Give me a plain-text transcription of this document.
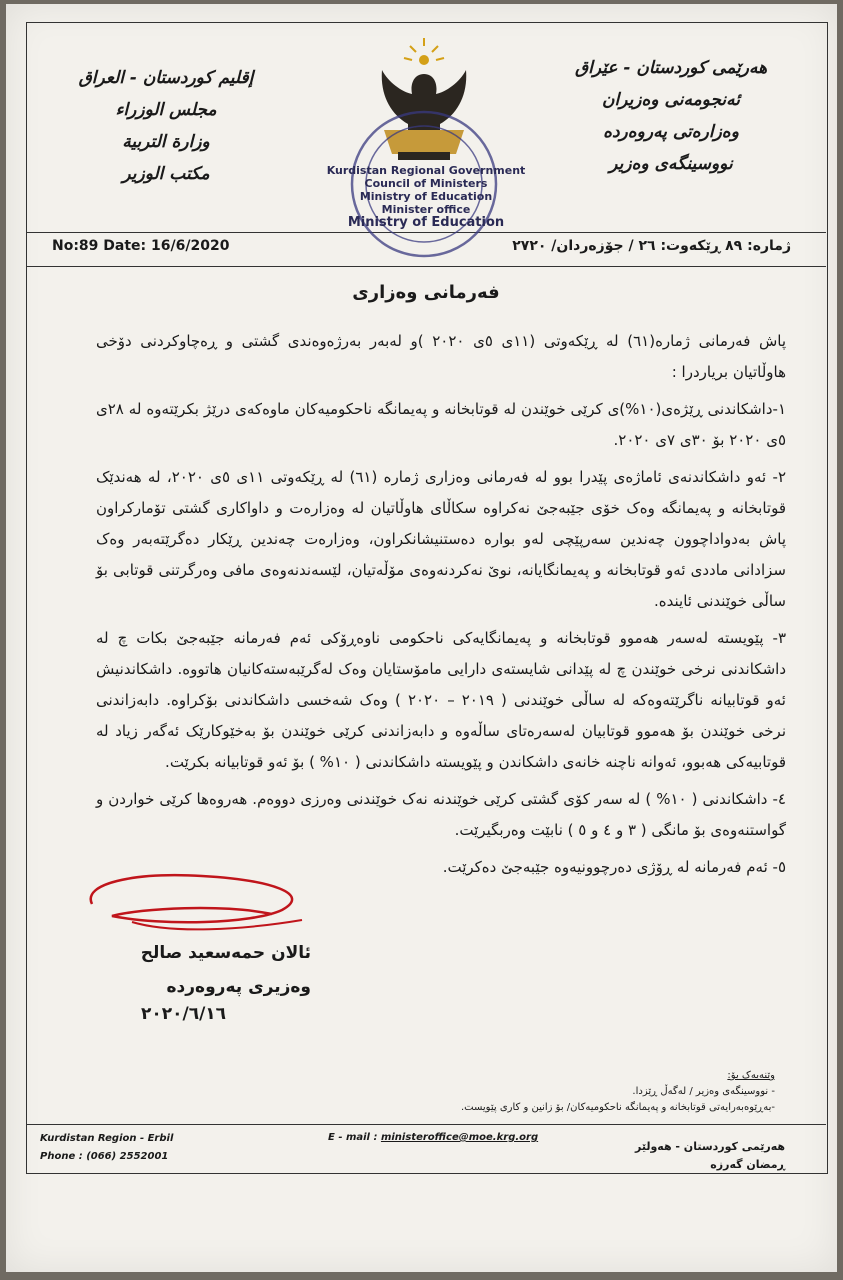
هەرێمی کوردستان - عێراق
ئەنجومەنی وەزیران
وەزارەتی پەروەردە
نووسینگەی وەزیر
إقليم كوردستان - العراق
مجلس الوزراء
وزارة التربية
مكتب الوزير	Kurdistan Regional Government
Council of Ministers
Ministry of Education
Minister office
Ministry of Education
No:89 Date: 16/6/2020	ژمارە: ٨٩ ڕێکەوت: ٢٦ / جۆزەردان/ ٢٧٢٠
فەرمانی وەزاری

پاش فەرمانی ژمارە(٦١) لە ڕێکەوتی (١١ی ٥ی ٢٠٢٠ )و لەبەر بەرژەوەندی گشتی و ڕەچاوکردنی دۆخی هاوڵاتیان بریاردرا :

١-داشکاندنی ڕێژەی(١٠%)ی کرێی خوێندن لە قوتابخانە و پەیمانگە ناحکومیەکان ماوەکەی درێژ بکرێتەوە لە ٢٨ی ٥ی ٢٠٢٠ بۆ ٣٠ی ٧ی ٢٠٢٠.

٢- ئەو داشکاندنەی ئاماژەی پێدرا بوو لە فەرمانی وەزاری ژمارە (٦١) لە ڕێکەوتی ١١ی ٥ی ٢٠٢٠، لە هەندێک قوتابخانە و پەیمانگە وەک خۆی جێبەجێ نەکراوە سکاڵای هاوڵاتیان لە وەزارەت و داواکاری گشتی تۆمارکراون پاش بەدواداچوون چەندین سەرپێچی لەو بوارە دەستنیشانکراون، وەزارەت چەندین ڕێکار دەگرێتەبەر وەک سزادانی ماددی ئەو قوتابخانە و پەیمانگایانە، نوێ نەکردنەوەی مۆڵەتیان، لێسەندنەوەی مافی وەرگرتنی قوتابی بۆ ساڵی خوێندنی ئایندە.

٣- پێویستە لەسەر هەموو قوتابخانە و پەیمانگایەکی ناحکومی ناوەڕۆکی ئەم فەرمانە جێبەجێ بکات چ لە داشکاندنی نرخی خوێندن چ لە پێدانی شایستەی دارایی مامۆستایان وەک لەگرێبەستەکانیان هاتووە. داشکاندنیش ئەو قوتابیانە ناگرێتەوەکە لە ساڵی خوێندنی ( ٢٠١٩ – ٢٠٢٠ ) وەک شەخسی داشکاندنی بۆکراوە. دابەزاندنی نرخی خوێندن بۆ هەموو قوتابیان لەسەرەتای ساڵەوە و دابەزاندنی کرێی خوێندن بۆ بەخێوکارێک ئەگەر زیاد لە قوتابیەکی هەبوو، ئەوانە ناچنە خانەی داشکاندن و پێویستە داشکاندنی ( ١٠% ) بۆ ئەو قوتابیانە بکرێت.

٤- داشکاندنی ( ١٠% ) لە سەر کۆی گشتی کرێی خوێندنە نەک خوێندنی وەرزی دووەم. هەروەها کرێی خواردن و گواستنەوەی بۆ مانگی ( ٣ و ٤ و ٥ ) نابێت وەربگیرێت.

٥- ئەم فەرمانە لە ڕۆژی دەرچوونیەوە جێبەجێ دەکرێت.

ئالان حمەسعید صالح
وەزیری پەروەردە
٢٠٢٠/٦/١٦
وێنەیەک بۆ:
- نووسینگەی وەزیر / لەگەڵ ڕێزدا.
-بەڕێوەبەرایەتی قوتابخانە و پەیمانگە ناحکومیەکان/ بۆ زانین و کاری پێویست.
Kurdistan Region - Erbil
Phone : (066) 2552001
E - mail : ministeroffice@moe.krg.org
هەرێمی کوردستان - هەولێر
ڕمضان گەرزە
